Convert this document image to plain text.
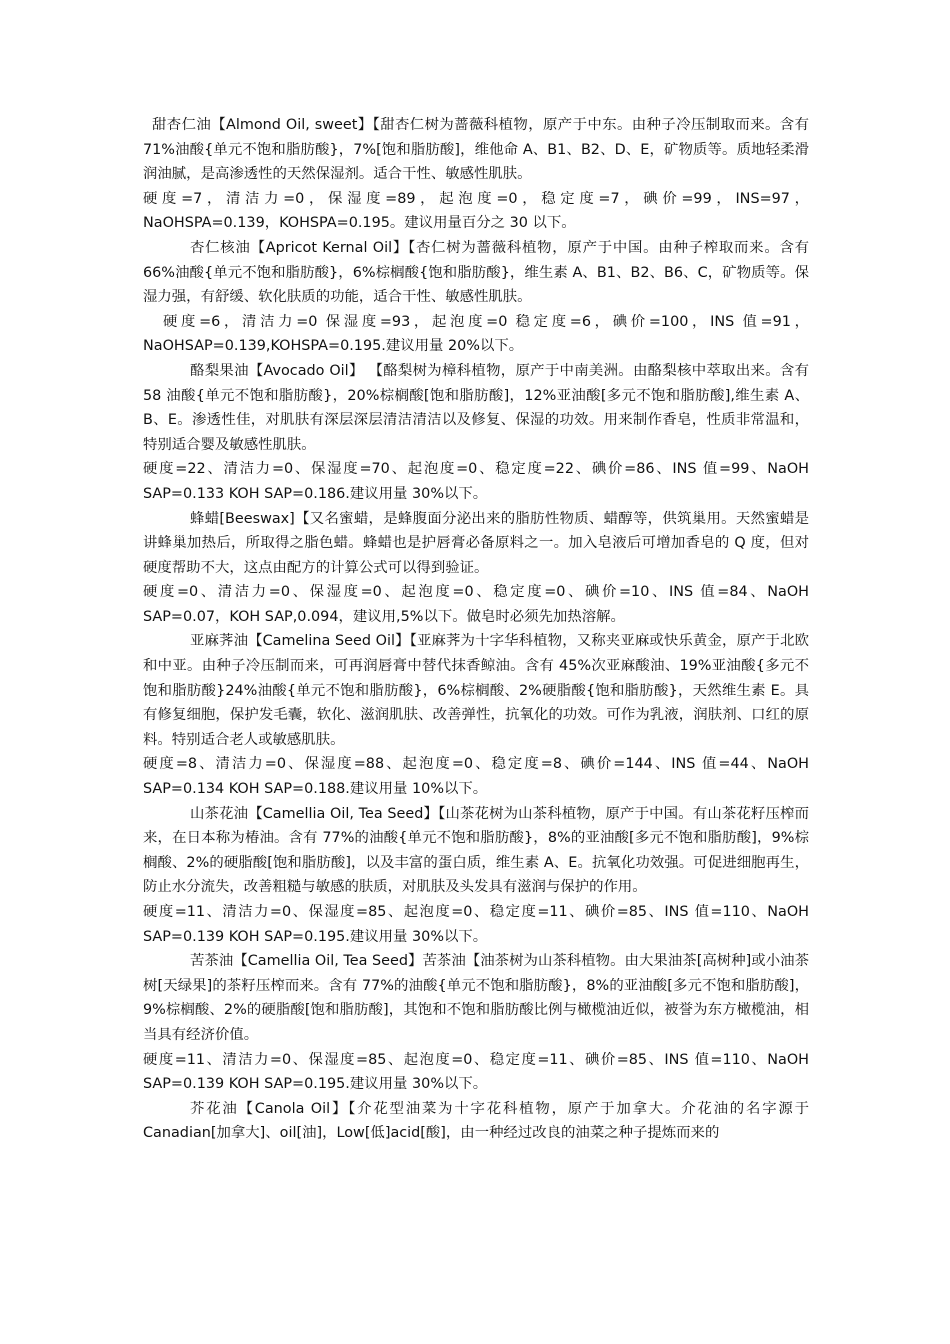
甜杏仁油【Almond Oil, sweet】【甜杏仁树为蔷薇科植物，原产于中东。由种子冷压制取而来。含有 71%油酸{单元不饱和脂肪酸}，7%[饱和脂肪酸]，维他命 A、B1、B2、D、E，矿物质等。质地轻柔滑润油腻，是高渗透性的天然保湿剂。适合干性、敏感性肌肤。

硬度=7，清洁力=0，保湿度=89，起泡度=0，稳定度=7，碘价=99，INS=97，NaOHSPA=0.139，KOHSPA=0.195。建议用量百分之 30 以下。

杏仁核油【Apricot Kernal Oil】【杏仁树为蔷薇科植物，原产于中国。由种子榨取而来。含有 66%油酸{单元不饱和脂肪酸}，6%棕榈酸{饱和脂肪酸}，维生素 A、B1、B2、B6、C，矿物质等。保湿力强，有舒缓、软化肤质的功能，适合干性、敏感性肌肤。

硬度=6，清洁力=0 保湿度=93，起泡度=0 稳定度=6，碘价=100，INS 值=91，NaOHSAP=0.139,KOHSPA=0.195.建议用量 20%以下。

酪梨果油【Avocado Oil】 【酪梨树为樟科植物，原产于中南美洲。由酪梨核中萃取出来。含有 58 油酸{单元不饱和脂肪酸}，20%棕榈酸[饱和脂肪酸]，12%亚油酸[多元不饱和脂肪酸],维生素 A、B、E。渗透性佳，对肌肤有深层深层清洁清洁以及修复、保湿的功效。用来制作香皂，性质非常温和，特别适合婴及敏感性肌肤。

硬度=22、清洁力=0、保湿度=70、起泡度=0、稳定度=22、碘价=86、INS 值=99、NaOH SAP=0.133 KOH SAP=0.186.建议用量 30%以下。

蜂蜡[Beeswax]【又名蜜蜡，是蜂腹面分泌出来的脂肪性物质、蜡醇等，供筑巢用。天然蜜蜡是讲蜂巢加热后，所取得之脂色蜡。蜂蜡也是护唇膏必备原料之一。加入皂液后可增加香皂的 Q 度，但对硬度帮助不大，这点由配方的计算公式可以得到验证。

硬度=0、清洁力=0、保湿度=0、起泡度=0、稳定度=0、碘价=10、INS 值=84、NaOH SAP=0.07，KOH SAP,0.094，建议用,5%以下。做皂时必须先加热溶解。

亚麻荠油【Camelina Seed Oil】【亚麻荠为十字华科植物，又称夹亚麻或快乐黄金，原产于北欧和中亚。由种子冷压制而来，可再润唇膏中替代抹香鲸油。含有 45%次亚麻酸油、19%亚油酸{多元不饱和脂肪酸}24%油酸{单元不饱和脂肪酸}，6%棕榈酸、2%硬脂酸{饱和脂肪酸}，天然维生素 E。具有修复细胞，保护发毛囊，软化、滋润肌肤、改善弹性，抗氧化的功效。可作为乳液，润肤剂、口红的原料。特别适合老人或敏感肌肤。

硬度=8、清洁力=0、保湿度=88、起泡度=0、稳定度=8、碘价=144、INS 值=44、NaOH SAP=0.134 KOH SAP=0.188.建议用量 10%以下。

山茶花油【Camellia Oil, Tea Seed】【山茶花树为山茶科植物，原产于中国。有山茶花籽压榨而来，在日本称为椿油。含有 77%的油酸{单元不饱和脂肪酸}，8%的亚油酸[多元不饱和脂肪酸]，9%棕榈酸、2%的硬脂酸[饱和脂肪酸]，以及丰富的蛋白质，维生素 A、E。抗氧化功效强。可促进细胞再生，防止水分流失，改善粗糙与敏感的肤质，对肌肤及头发具有滋润与保护的作用。

硬度=11、清洁力=0、保湿度=85、起泡度=0、稳定度=11、碘价=85、INS 值=110、NaOH SAP=0.139 KOH SAP=0.195.建议用量 30%以下。

苦茶油【Camellia Oil, Tea Seed】苦茶油【油茶树为山茶科植物。由大果油茶[高树种]或小油茶树[天绿果]的茶籽压榨而来。含有 77%的油酸{单元不饱和脂肪酸}，8%的亚油酸[多元不饱和脂肪酸]，9%棕榈酸、2%的硬脂酸[饱和脂肪酸]，其饱和不饱和脂肪酸比例与橄榄油近似，被誉为东方橄榄油，相当具有经济价值。

硬度=11、清洁力=0、保湿度=85、起泡度=0、稳定度=11、碘价=85、INS 值=110、NaOH SAP=0.139 KOH SAP=0.195.建议用量 30%以下。

芥花油【Canola Oil】【介花型油菜为十字花科植物，原产于加拿大。介花油的名字源于 Canadian[加拿大]、oil[油]，Low[低]acid[酸]，由一种经过改良的油菜之种子提炼而来的
